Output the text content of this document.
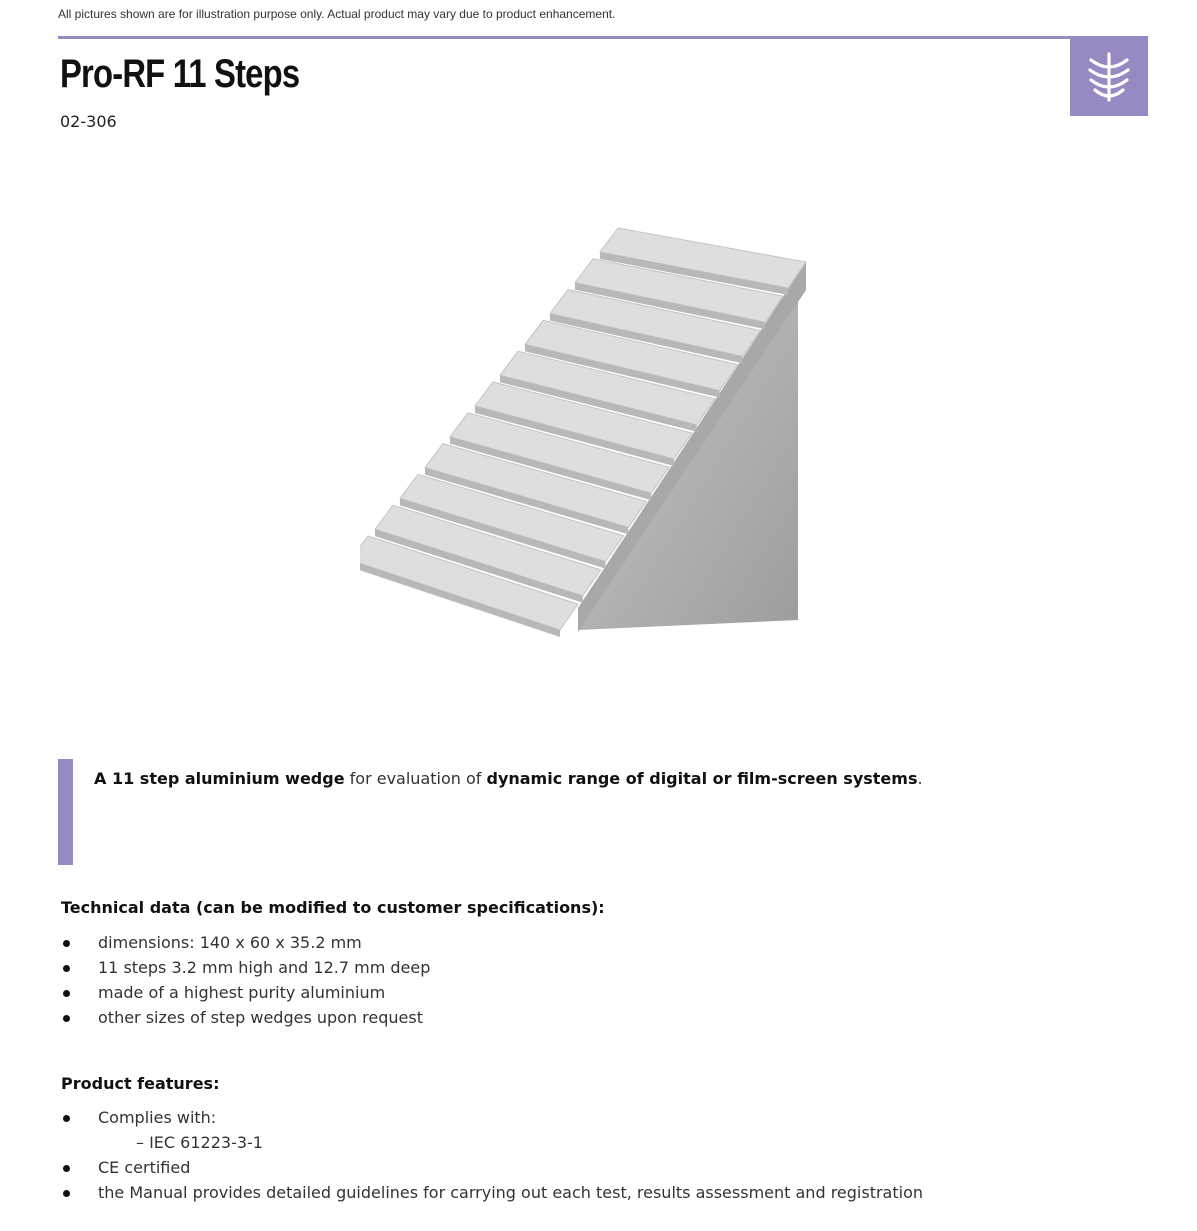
All pictures shown are for illustration purpose only. Actual product may vary due to product enhancement.
Pro-RF 11 Steps
02-306

A 11 step aluminium wedge for evaluation of dynamic range of digital or film-screen systems.

Technical data (can be modified to customer specifications):
dimensions: 140 x 60 x 35.2 mm
11 steps 3.2 mm high and 12.7 mm deep
made of a highest purity aluminium
other sizes of step wedges upon request
Product features:
Complies with:
– IEC 61223-3-1
CE certified
the Manual provides detailed guidelines for carrying out each test, results assessment and registration
